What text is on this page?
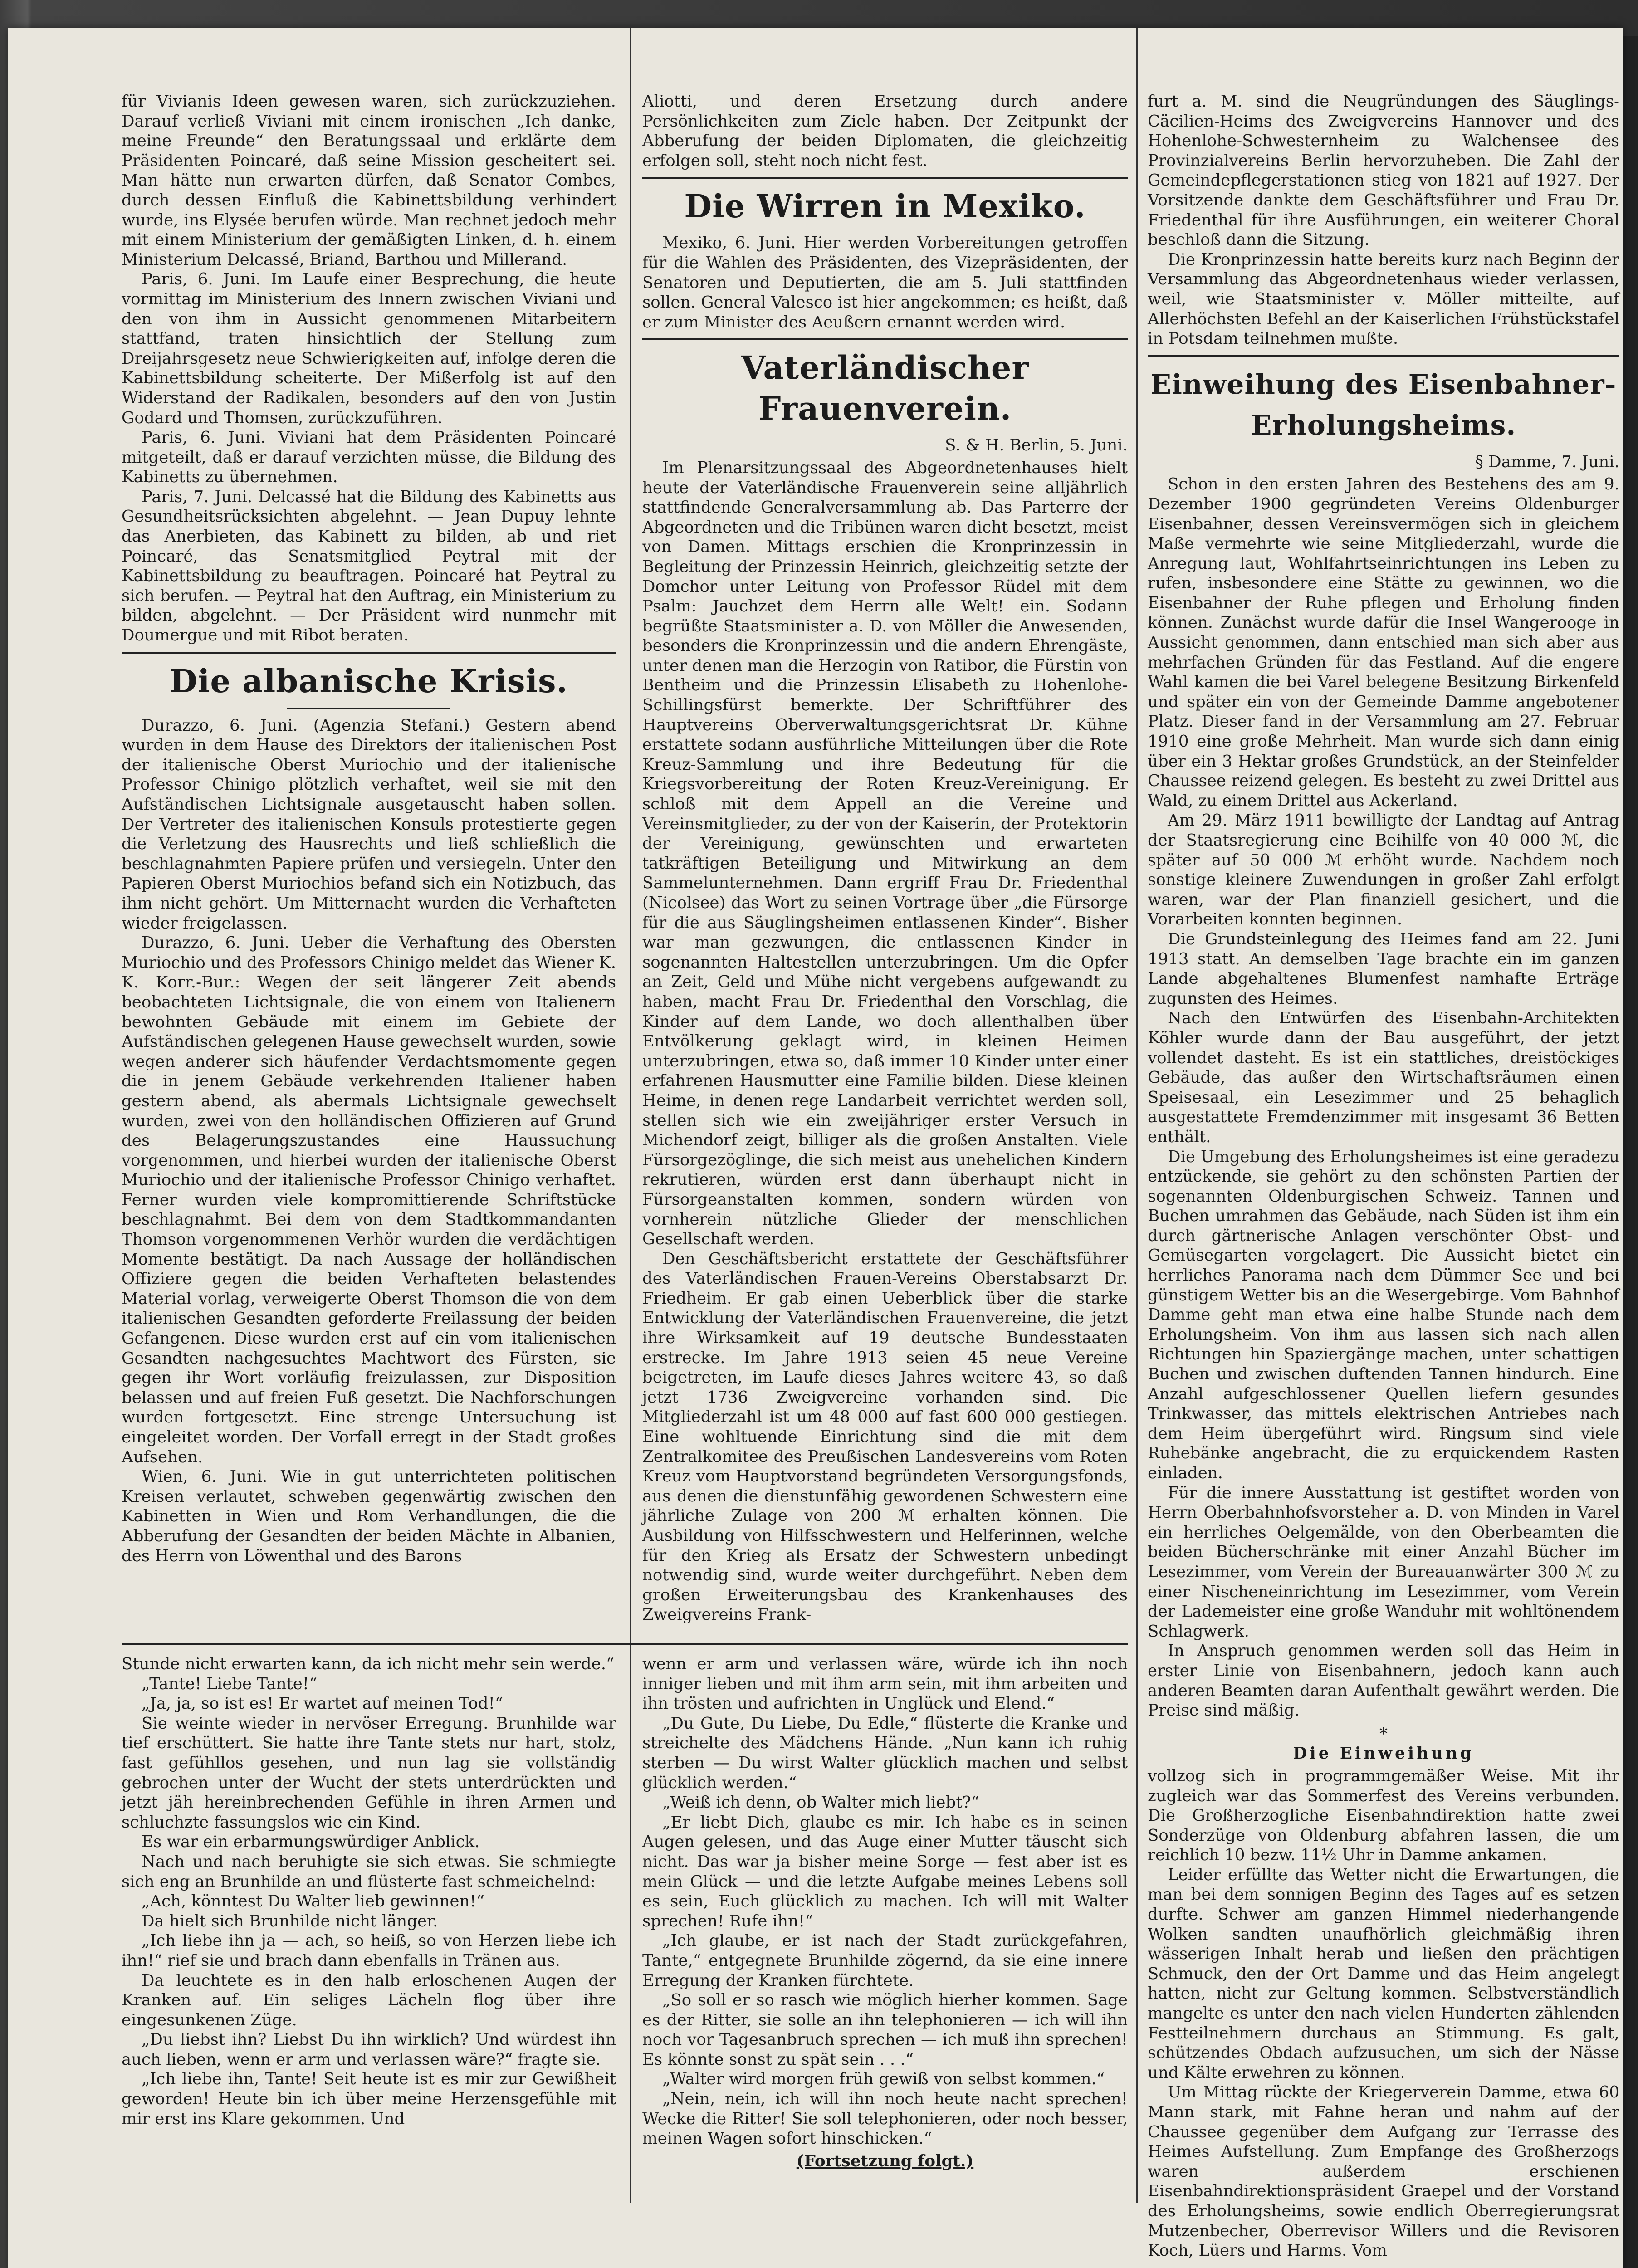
für Vivianis Ideen gewesen waren, sich zurückzuziehen. Darauf verließ Viviani mit einem ironischen „Ich danke, meine Freunde“ den Beratungssaal und erklärte dem Präsidenten Poincaré, daß seine Mission gescheitert sei. Man hätte nun erwarten dürfen, daß Senator Combes, durch dessen Einfluß die Kabinettsbildung verhindert wurde, ins Elysée berufen würde. Man rechnet jedoch mehr mit einem Ministerium der gemäßigten Linken, d. h. einem Ministerium Delcassé, Briand, Barthou und Millerand.

Paris, 6. Juni. Im Laufe einer Besprechung, die heute vormittag im Ministerium des Innern zwischen Viviani und den von ihm in Aussicht genommenen Mitarbeitern stattfand, traten hinsichtlich der Stellung zum Dreijahrsgesetz neue Schwierigkeiten auf, infolge deren die Kabinettsbildung scheiterte. Der Mißerfolg ist auf den Widerstand der Radikalen, besonders auf den von Justin Godard und Thomsen, zurückzuführen.

Paris, 6. Juni. Viviani hat dem Präsidenten Poincaré mitgeteilt, daß er darauf verzichten müsse, die Bildung des Kabinetts zu übernehmen.

Paris, 7. Juni. Delcassé hat die Bildung des Kabinetts aus Gesundheitsrücksichten abgelehnt. — Jean Dupuy lehnte das Anerbieten, das Kabinett zu bilden, ab und riet Poincaré, das Senatsmitglied Peytral mit der Kabinettsbildung zu beauftragen. Poincaré hat Peytral zu sich berufen. — Peytral hat den Auftrag, ein Ministerium zu bilden, abgelehnt. — Der Präsident wird nunmehr mit Doumergue und mit Ribot beraten.

Die albanische Krisis.

Durazzo, 6. Juni. (Agenzia Stefani.) Gestern abend wurden in dem Hause des Direktors der italienischen Post der italienische Oberst Muriochio und der italienische Professor Chinigo plötzlich verhaftet, weil sie mit den Aufständischen Lichtsignale ausgetauscht haben sollen. Der Vertreter des italienischen Konsuls protestierte gegen die Verletzung des Hausrechts und ließ schließlich die beschlagnahmten Papiere prüfen und versiegeln. Unter den Papieren Oberst Muriochios befand sich ein Notizbuch, das ihm nicht gehört. Um Mitternacht wurden die Verhafteten wieder freigelassen.

Durazzo, 6. Juni. Ueber die Verhaftung des Obersten Muriochio und des Professors Chinigo meldet das Wiener K. K. Korr.-Bur.: Wegen der seit längerer Zeit abends beobachteten Lichtsignale, die von einem von Italienern bewohnten Gebäude mit einem im Gebiete der Aufständischen gelegenen Hause gewechselt wurden, sowie wegen anderer sich häufender Verdachtsmomente gegen die in jenem Gebäude verkehrenden Italiener haben gestern abend, als abermals Lichtsignale gewechselt wurden, zwei von den holländischen Offizieren auf Grund des Belagerungszustandes eine Haussuchung vorgenommen, und hierbei wurden der italienische Oberst Muriochio und der italienische Professor Chinigo verhaftet. Ferner wurden viele kompromittierende Schriftstücke beschlagnahmt. Bei dem von dem Stadtkommandanten Thomson vorgenommenen Verhör wurden die verdächtigen Momente bestätigt. Da nach Aussage der holländischen Offiziere gegen die beiden Verhafteten belastendes Material vorlag, verweigerte Oberst Thomson die von dem italienischen Gesandten geforderte Freilassung der beiden Gefangenen. Diese wurden erst auf ein vom italienischen Gesandten nachgesuchtes Machtwort des Fürsten, sie gegen ihr Wort vorläufig freizulassen, zur Disposition belassen und auf freien Fuß gesetzt. Die Nachforschungen wurden fortgesetzt. Eine strenge Untersuchung ist eingeleitet worden. Der Vorfall erregt in der Stadt großes Aufsehen.

Wien, 6. Juni. Wie in gut unterrichteten politischen Kreisen verlautet, schweben gegenwärtig zwischen den Kabinetten in Wien und Rom Verhandlungen, die die Abberufung der Gesandten der beiden Mächte in Albanien, des Herrn von Löwenthal und des Barons

Aliotti, und deren Ersetzung durch andere Persönlichkeiten zum Ziele haben. Der Zeitpunkt der Abberufung der beiden Diplomaten, die gleichzeitig erfolgen soll, steht noch nicht fest.

Die Wirren in Mexiko.

Mexiko, 6. Juni. Hier werden Vorbereitungen getroffen für die Wahlen des Präsidenten, des Vizepräsidenten, der Senatoren und Deputierten, die am 5. Juli stattfinden sollen. General Valesco ist hier angekommen; es heißt, daß er zum Minister des Aeußern ernannt werden wird.

Vaterländischer Frauenverein.
S. & H. Berlin, 5. Juni.

Im Plenarsitzungssaal des Abgeordnetenhauses hielt heute der Vaterländische Frauenverein seine alljährlich stattfindende Generalversammlung ab. Das Parterre der Abgeordneten und die Tribünen waren dicht besetzt, meist von Damen. Mittags erschien die Kronprinzessin in Begleitung der Prinzessin Heinrich, gleichzeitig setzte der Domchor unter Leitung von Professor Rüdel mit dem Psalm: Jauchzet dem Herrn alle Welt! ein. Sodann begrüßte Staatsminister a. D. von Möller die Anwesenden, besonders die Kronprinzessin und die andern Ehrengäste, unter denen man die Herzogin von Ratibor, die Fürstin von Bentheim und die Prinzessin Elisabeth zu Hohenlohe-Schillingsfürst bemerkte. Der Schriftführer des Hauptvereins Oberverwaltungsgerichtsrat Dr. Kühne erstattete sodann ausführliche Mitteilungen über die Rote Kreuz-Sammlung und ihre Bedeutung für die Kriegsvorbereitung der Roten Kreuz-Vereinigung. Er schloß mit dem Appell an die Vereine und Vereinsmitglieder, zu der von der Kaiserin, der Protektorin der Vereinigung, gewünschten und erwarteten tatkräftigen Beteiligung und Mitwirkung an dem Sammelunternehmen. Dann ergriff Frau Dr. Friedenthal (Nicolsee) das Wort zu seinen Vortrage über „die Fürsorge für die aus Säuglingsheimen entlassenen Kinder“. Bisher war man gezwungen, die entlassenen Kinder in sogenannten Haltestellen unterzubringen. Um die Opfer an Zeit, Geld und Mühe nicht vergebens aufgewandt zu haben, macht Frau Dr. Friedenthal den Vorschlag, die Kinder auf dem Lande, wo doch allenthalben über Entvölkerung geklagt wird, in kleinen Heimen unterzubringen, etwa so, daß immer 10 Kinder unter einer erfahrenen Hausmutter eine Familie bilden. Diese kleinen Heime, in denen rege Landarbeit verrichtet werden soll, stellen sich wie ein zweijähriger erster Versuch in Michendorf zeigt, billiger als die großen Anstalten. Viele Fürsorgezöglinge, die sich meist aus unehelichen Kindern rekrutieren, würden erst dann überhaupt nicht in Fürsorgeanstalten kommen, sondern würden von vornherein nützliche Glieder der menschlichen Gesellschaft werden.

Den Geschäftsbericht erstattete der Geschäftsführer des Vaterländischen Frauen-Vereins Oberstabsarzt Dr. Friedheim. Er gab einen Ueberblick über die starke Entwicklung der Vaterländischen Frauenvereine, die jetzt ihre Wirksamkeit auf 19 deutsche Bundesstaaten erstrecke. Im Jahre 1913 seien 45 neue Vereine beigetreten, im Laufe dieses Jahres weitere 43, so daß jetzt 1736 Zweigvereine vorhanden sind. Die Mitgliederzahl ist um 48 000 auf fast 600 000 gestiegen. Eine wohltuende Einrichtung sind die mit dem Zentralkomitee des Preußischen Landesvereins vom Roten Kreuz vom Hauptvorstand begründeten Versorgungsfonds, aus denen die dienstunfähig gewordenen Schwestern eine jährliche Zulage von 200 ℳ erhalten können. Die Ausbildung von Hilfsschwestern und Helferinnen, welche für den Krieg als Ersatz der Schwestern unbedingt notwendig sind, wurde weiter durchgeführt. Neben dem großen Erweiterungsbau des Krankenhauses des Zweigvereins Frank-

furt a. M. sind die Neugründungen des Säuglings-Cäcilien-Heims des Zweigvereins Hannover und des Hohenlohe-Schwesternheim zu Walchensee des Provinzialvereins Berlin hervorzuheben. Die Zahl der Gemeindepflegerstationen stieg von 1821 auf 1927. Der Vorsitzende dankte dem Geschäftsführer und Frau Dr. Friedenthal für ihre Ausführungen, ein weiterer Choral beschloß dann die Sitzung.

Die Kronprinzessin hatte bereits kurz nach Beginn der Versammlung das Abgeordnetenhaus wieder verlassen, weil, wie Staatsminister v. Möller mitteilte, auf Allerhöchsten Befehl an der Kaiserlichen Frühstückstafel in Potsdam teilnehmen mußte.

Einweihung des Eisenbahner-Erholungsheims.
§ Damme, 7. Juni.

Schon in den ersten Jahren des Bestehens des am 9. Dezember 1900 gegründeten Vereins Oldenburger Eisenbahner, dessen Vereinsvermögen sich in gleichem Maße vermehrte wie seine Mitgliederzahl, wurde die Anregung laut, Wohlfahrtseinrichtungen ins Leben zu rufen, insbesondere eine Stätte zu gewinnen, wo die Eisenbahner der Ruhe pflegen und Erholung finden können. Zunächst wurde dafür die Insel Wangerooge in Aussicht genommen, dann entschied man sich aber aus mehrfachen Gründen für das Festland. Auf die engere Wahl kamen die bei Varel belegene Besitzung Birkenfeld und später ein von der Gemeinde Damme angebotener Platz. Dieser fand in der Versammlung am 27. Februar 1910 eine große Mehrheit. Man wurde sich dann einig über ein 3 Hektar großes Grundstück, an der Steinfelder Chaussee reizend gelegen. Es besteht zu zwei Drittel aus Wald, zu einem Drittel aus Ackerland.

Am 29. März 1911 bewilligte der Landtag auf Antrag der Staatsregierung eine Beihilfe von 40 000 ℳ, die später auf 50 000 ℳ erhöht wurde. Nachdem noch sonstige kleinere Zuwendungen in großer Zahl erfolgt waren, war der Plan finanziell gesichert, und die Vorarbeiten konnten beginnen.

Die Grundsteinlegung des Heimes fand am 22. Juni 1913 statt. An demselben Tage brachte ein im ganzen Lande abgehaltenes Blumenfest namhafte Erträge zugunsten des Heimes.

Nach den Entwürfen des Eisenbahn-Architekten Köhler wurde dann der Bau ausgeführt, der jetzt vollendet dasteht. Es ist ein stattliches, dreistöckiges Gebäude, das außer den Wirtschaftsräumen einen Speisesaal, ein Lesezimmer und 25 behaglich ausgestattete Fremdenzimmer mit insgesamt 36 Betten enthält.

Die Umgebung des Erholungsheimes ist eine geradezu entzückende, sie gehört zu den schönsten Partien der sogenannten Oldenburgischen Schweiz. Tannen und Buchen umrahmen das Gebäude, nach Süden ist ihm ein durch gärtnerische Anlagen verschönter Obst- und Gemüsegarten vorgelagert. Die Aussicht bietet ein herrliches Panorama nach dem Dümmer See und bei günstigem Wetter bis an die Wesergebirge. Vom Bahnhof Damme geht man etwa eine halbe Stunde nach dem Erholungsheim. Von ihm aus lassen sich nach allen Richtungen hin Spaziergänge machen, unter schattigen Buchen und zwischen duftenden Tannen hindurch. Eine Anzahl aufgeschlossener Quellen liefern gesundes Trinkwasser, das mittels elektrischen Antriebes nach dem Heim übergeführt wird. Ringsum sind viele Ruhebänke angebracht, die zu erquickendem Rasten einladen.

Für die innere Ausstattung ist gestiftet worden von Herrn Oberbahnhofsvorsteher a. D. von Minden in Varel ein herrliches Oelgemälde, von den Oberbeamten die beiden Bücherschränke mit einer Anzahl Bücher im Lesezimmer, vom Verein der Bureauanwärter 300 ℳ zu einer Nischeneinrichtung im Lesezimmer, vom Verein der Lademeister eine große Wanduhr mit wohltönendem Schlagwerk.

In Anspruch genommen werden soll das Heim in erster Linie von Eisenbahnern, jedoch kann auch anderen Beamten daran Aufenthalt gewährt werden. Die Preise sind mäßig.

*

Die Einweihung

vollzog sich in programmgemäßer Weise. Mit ihr zugleich war das Sommerfest des Vereins verbunden. Die Großherzogliche Eisenbahndirektion hatte zwei Sonderzüge von Oldenburg abfahren lassen, die um reichlich 10 bezw. 11½ Uhr in Damme ankamen.

Leider erfüllte das Wetter nicht die Erwartungen, die man bei dem sonnigen Beginn des Tages auf es setzen durfte. Schwer am ganzen Himmel niederhangende Wolken sandten unaufhörlich gleichmäßig ihren wässerigen Inhalt herab und ließen den prächtigen Schmuck, den der Ort Damme und das Heim angelegt hatten, nicht zur Geltung kommen. Selbstverständlich mangelte es unter den nach vielen Hunderten zählenden Festteilnehmern durchaus an Stimmung. Es galt, schützendes Obdach aufzusuchen, um sich der Nässe und Kälte erwehren zu können.

Um Mittag rückte der Kriegerverein Damme, etwa 60 Mann stark, mit Fahne heran und nahm auf der Chaussee gegenüber dem Aufgang zur Terrasse des Heimes Aufstellung. Zum Empfange des Großherzogs waren außerdem erschienen Eisenbahndirektionspräsident Graepel und der Vorstand des Erholungsheims, sowie endlich Oberregierungsrat Mutzenbecher, Oberrevisor Willers und die Revisoren Koch, Lüers und Harms. Vom

Stunde nicht erwarten kann, da ich nicht mehr sein werde.“

„Tante! Liebe Tante!“

„Ja, ja, so ist es! Er wartet auf meinen Tod!“

Sie weinte wieder in nervöser Erregung. Brunhilde war tief erschüttert. Sie hatte ihre Tante stets nur hart, stolz, fast gefühllos gesehen, und nun lag sie vollständig gebrochen unter der Wucht der stets unterdrückten und jetzt jäh hereinbrechenden Gefühle in ihren Armen und schluchzte fassungslos wie ein Kind.

Es war ein erbarmungswürdiger Anblick.

Nach und nach beruhigte sie sich etwas. Sie schmiegte sich eng an Brunhilde an und flüsterte fast schmeichelnd:

„Ach, könntest Du Walter lieb gewinnen!“

Da hielt sich Brunhilde nicht länger.

„Ich liebe ihn ja — ach, so heiß, so von Herzen liebe ich ihn!“ rief sie und brach dann ebenfalls in Tränen aus.

Da leuchtete es in den halb erloschenen Augen der Kranken auf. Ein seliges Lächeln flog über ihre eingesunkenen Züge.

„Du liebst ihn? Liebst Du ihn wirklich? Und würdest ihn auch lieben, wenn er arm und verlassen wäre?“ fragte sie.

„Ich liebe ihn, Tante! Seit heute ist es mir zur Gewißheit geworden! Heute bin ich über meine Herzensgefühle mit mir erst ins Klare gekommen. Und

wenn er arm und verlassen wäre, würde ich ihn noch inniger lieben und mit ihm arm sein, mit ihm arbeiten und ihn trösten und aufrichten in Unglück und Elend.“

„Du Gute, Du Liebe, Du Edle,“ flüsterte die Kranke und streichelte des Mädchens Hände. „Nun kann ich ruhig sterben — Du wirst Walter glücklich machen und selbst glücklich werden.“

„Weiß ich denn, ob Walter mich liebt?“

„Er liebt Dich, glaube es mir. Ich habe es in seinen Augen gelesen, und das Auge einer Mutter täuscht sich nicht. Das war ja bisher meine Sorge — fest aber ist es mein Glück — und die letzte Aufgabe meines Lebens soll es sein, Euch glücklich zu machen. Ich will mit Walter sprechen! Rufe ihn!“

„Ich glaube, er ist nach der Stadt zurückgefahren, Tante,“ entgegnete Brunhilde zögernd, da sie eine innere Erregung der Kranken fürchtete.

„So soll er so rasch wie möglich hierher kommen. Sage es der Ritter, sie solle an ihn telephonieren — ich will ihn noch vor Tagesanbruch sprechen — ich muß ihn sprechen! Es könnte sonst zu spät sein . . .“

„Walter wird morgen früh gewiß von selbst kommen.“

„Nein, nein, ich will ihn noch heute nacht sprechen! Wecke die Ritter! Sie soll telephonieren, oder noch besser, meinen Wagen sofort hinschicken.“

(Fortsetzung folgt.)
